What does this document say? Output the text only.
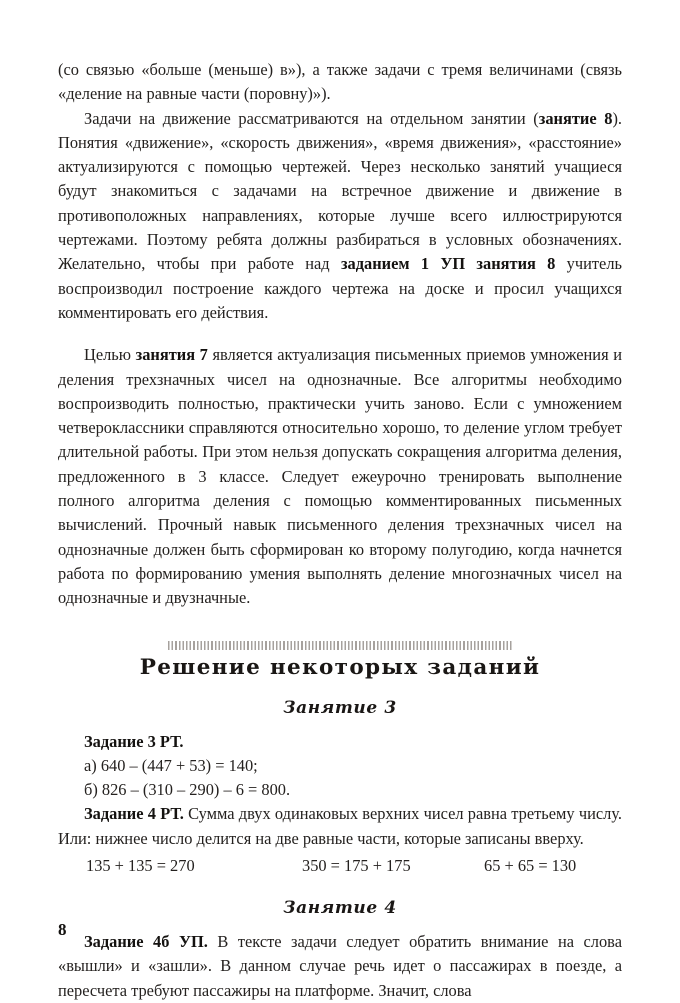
(со связью «больше (меньше) в»), а также задачи с тремя величинами (связь «деление на равные части (поровну)»).

Задачи на движение рассматриваются на отдельном занятии (занятие 8). Понятия «движение», «скорость движения», «время движения», «расстояние» актуализируются с помощью чертежей. Через несколько занятий учащиеся будут знакомиться с задачами на встречное движение и движение в противоположных направлениях, которые лучше всего иллюстрируются чертежами. Поэтому ребята должны разбираться в условных обозначениях. Желательно, чтобы при работе над заданием 1 УП занятия 8 учитель воспроизводил построение каждого чертежа на доске и просил учащихся комментировать его действия.

Целью занятия 7 является актуализация письменных приемов умножения и деления трехзначных чисел на однозначные. Все алгоритмы необходимо воспроизводить полностью, практически учить заново. Если с умножением четвероклассники справляются относительно хорошо, то деление углом требует длительной работы. При этом нельзя допускать сокращения алгоритма деления, предложенного в 3 классе. Следует ежеурочно тренировать выполнение полного алгоритма деления с помощью комментированных письменных вычислений. Прочный навык письменного деления трехзначных чисел на однозначные должен быть сформирован ко второму полугодию, когда начнется работа по формированию умения выполнять деление многозначных чисел на однозначные и двузначные.

Решение некоторых заданий
Занятие 3

Задание 3 РТ.

а) 640 – (447 + 53) = 140;

б) 826 – (310 – 290) – 6 = 800.

Задание 4 РТ. Сумма двух одинаковых верхних чисел равна третьему числу. Или: нижнее число делится на две равные части, которые записаны вверху.

135 + 135 = 270	350 = 175 + 175	65 + 65 = 130
Занятие 4

Задание 4б УП. В тексте задачи следует обратить внимание на слова «вышли» и «зашли». В данном случае речь идет о пассажирах в поезде, а пересчета требуют пассажиры на платформе. Значит, слова

8
